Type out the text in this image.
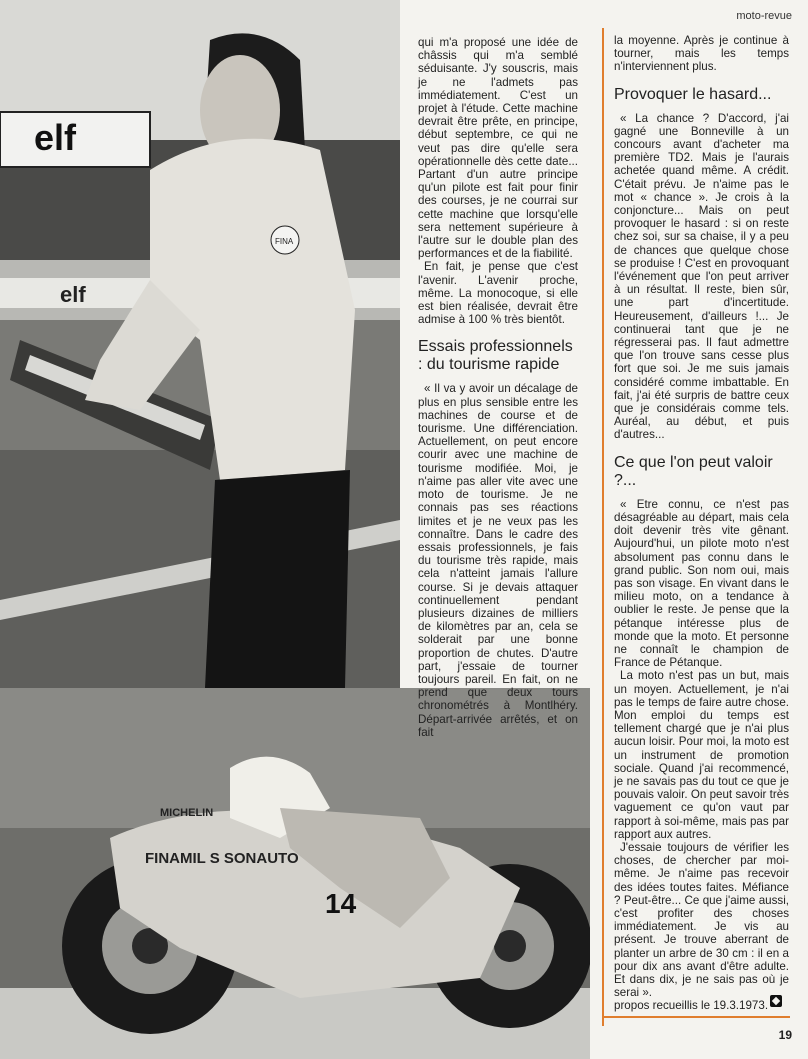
moto-revue
elf
elf
FINA
FINAMIL S SONAUTO
14
MICHELIN

qui m'a proposé une idée de châssis qui m'a semblé séduisante. J'y souscris, mais je ne l'admets pas immédiatement. C'est un projet à l'étude. Cette machine devrait être prête, en principe, début septembre, ce qui ne veut pas dire qu'elle sera opérationnelle dès cette date... Partant d'un autre principe qu'un pilote est fait pour finir des courses, je ne courrai sur cette machine que lorsqu'elle sera nettement supérieure à l'autre sur le double plan des performances et de la fiabilité.

En fait, je pense que c'est l'avenir. L'avenir proche, même. La monocoque, si elle est bien réalisée, devrait être admise à 100 % très bientôt.

Essais professionnels : du tourisme rapide

« Il va y avoir un décalage de plus en plus sensible entre les machines de course et de tourisme. Une différenciation. Actuellement, on peut encore courir avec une machine de tourisme modifiée. Moi, je n'aime pas aller vite avec une moto de tourisme. Je ne connais pas ses réactions limites et je ne veux pas les connaître. Dans le cadre des essais professionnels, je fais du tourisme très rapide, mais cela n'atteint jamais l'allure course. Si je devais attaquer continuellement pendant plusieurs dizaines de milliers de kilomètres par an, cela se solderait par une bonne proportion de chutes. D'autre part, j'essaie de tourner toujours pareil. En fait, on ne prend que deux tours chronométrés à Montlhéry. Départ-arrivée arrêtés, et on fait

la moyenne. Après je continue à tourner, mais les temps n'interviennent plus.

Provoquer le hasard...

« La chance ? D'accord, j'ai gagné une Bonneville à un concours avant d'acheter ma première TD2. Mais je l'aurais achetée quand même. A crédit. C'était prévu. Je n'aime pas le mot « chance ». Je crois à la conjoncture... Mais on peut provoquer le hasard : si on reste chez soi, sur sa chaise, il y a peu de chances que quelque chose se produise ! C'est en provoquant l'événement que l'on peut arriver à un résultat. Il reste, bien sûr, une part d'incertitude. Heureusement, d'ailleurs !... Je continuerai tant que je ne régresserai pas. Il faut admettre que l'on trouve sans cesse plus fort que soi. Je me suis jamais considéré comme imbattable. En fait, j'ai été surpris de battre ceux que je considérais comme tels. Auréal, au début, et puis d'autres...

Ce que l'on peut valoir ?...

« Etre connu, ce n'est pas désagréable au départ, mais cela doit devenir très vite gênant. Aujourd'hui, un pilote moto n'est absolument pas connu dans le grand public. Son nom oui, mais pas son visage. En vivant dans le milieu moto, on a tendance à oublier le reste. Je pense que la pétanque intéresse plus de monde que la moto. Et personne ne connaît le champion de France de Pétanque.

La moto n'est pas un but, mais un moyen. Actuellement, je n'ai pas le temps de faire autre chose. Mon emploi du temps est tellement chargé que je n'ai plus aucun loisir. Pour moi, la moto est un instrument de promotion sociale. Quand j'ai recommencé, je ne savais pas du tout ce que je pouvais valoir. On peut savoir très vaguement ce qu'on vaut par rapport à soi-même, mais pas par rapport aux autres.

J'essaie toujours de vérifier les choses, de chercher par moi-même. Je n'aime pas recevoir des idées toutes faites. Méfiance ? Peut-être... Ce que j'aime aussi, c'est profiter des choses immédiatement. Je vis au présent. Je trouve aberrant de planter un arbre de 30 cm : il en a pour dix ans avant d'être adulte. Et dans dix, je ne sais pas où je serai ».

propos recueillis le 19.3.1973.

19
